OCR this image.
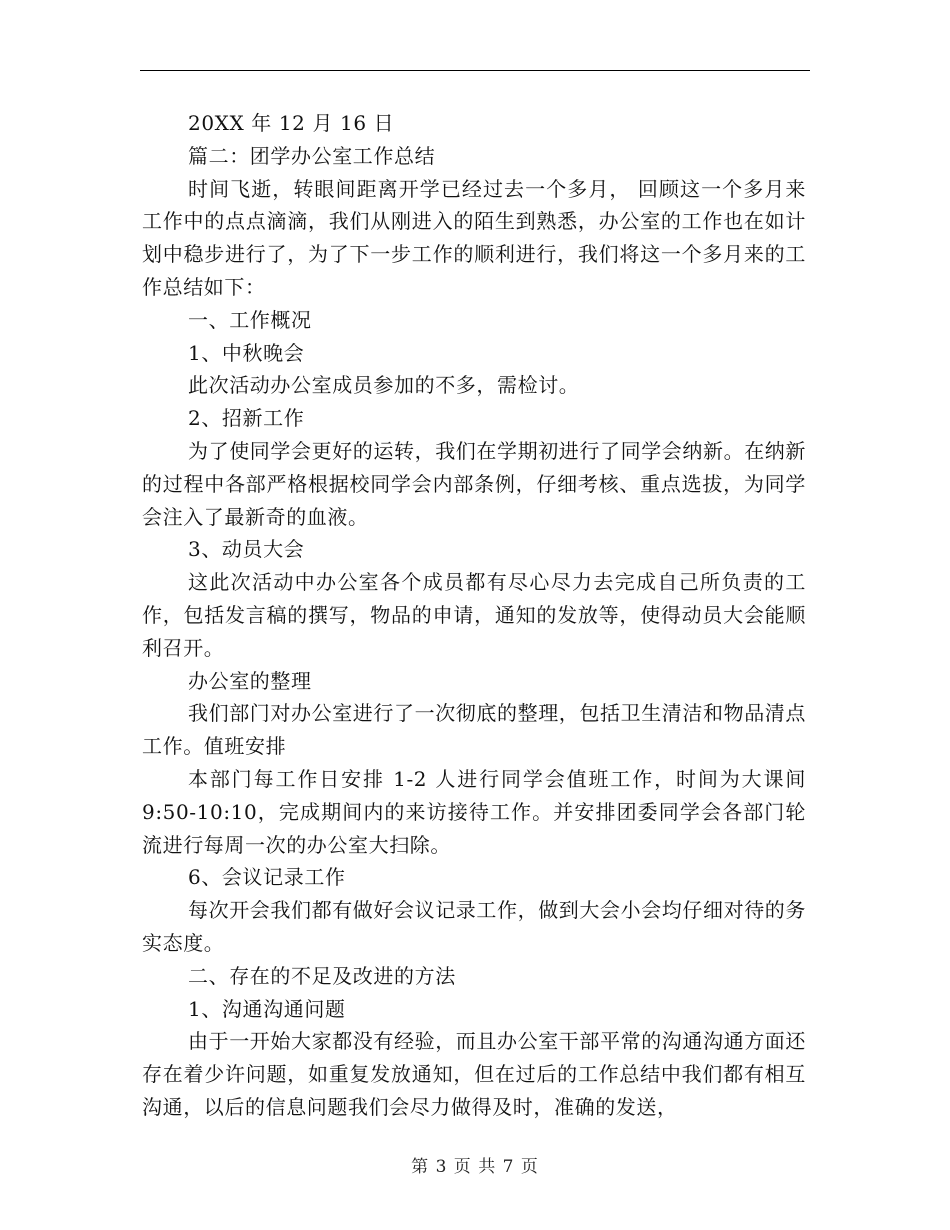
20XX 年 12 月 16 日

篇二：团学办公室工作总结

时间飞逝，转眼间距离开学已经过去一个多月， 回顾这一个多月来工作中的点点滴滴，我们从刚进入的陌生到熟悉，办公室的工作也在如计划中稳步进行了，为了下一步工作的顺利进行，我们将这一个多月来的工作总结如下：

一、工作概况

1、中秋晚会

此次活动办公室成员参加的不多，需检讨。

2、招新工作

为了使同学会更好的运转，我们在学期初进行了同学会纳新。在纳新的过程中各部严格根据校同学会内部条例，仔细考核、重点选拔，为同学会注入了最新奇的血液。

3、动员大会

这此次活动中办公室各个成员都有尽心尽力去完成自己所负责的工作，包括发言稿的撰写，物品的申请，通知的发放等，使得动员大会能顺利召开。

办公室的整理

我们部门对办公室进行了一次彻底的整理，包括卫生清洁和物品清点工作。值班安排

本部门每工作日安排 1-2 人进行同学会值班工作，时间为大课间 9:50-10:10，完成期间内的来访接待工作。并安排团委同学会各部门轮流进行每周一次的办公室大扫除。

6、会议记录工作

每次开会我们都有做好会议记录工作，做到大会小会均仔细对待的务实态度。

二、存在的不足及改进的方法

1、沟通沟通问题

由于一开始大家都没有经验，而且办公室干部平常的沟通沟通方面还存在着少许问题，如重复发放通知，但在过后的工作总结中我们都有相互沟通，以后的信息问题我们会尽力做得及时，准确的发送，

第 3 页 共 7 页
